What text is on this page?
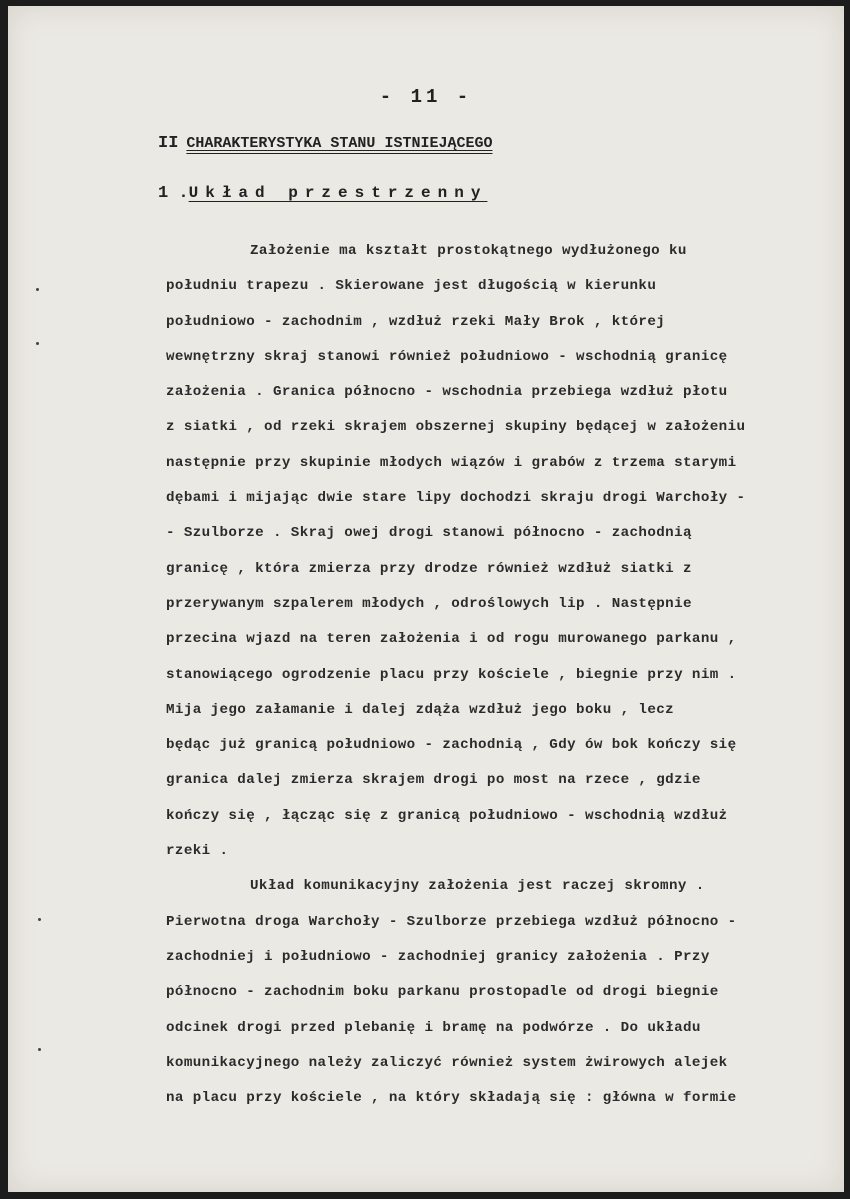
- 11 -
II CHARAKTERYSTYKA STANU ISTNIEJĄCEGO
1 .Układ przestrzenny
Założenie ma kształt prostokątnego wydłużonego ku
południu trapezu . Skierowane jest długością w kierunku
południowo - zachodnim , wzdłuż rzeki Mały Brok , której
wewnętrzny skraj stanowi również południowo - wschodnią granicę
założenia . Granica północno - wschodnia przebiega wzdłuż płotu
z siatki , od rzeki skrajem obszernej skupiny będącej w założeniu
następnie przy skupinie młodych wiązów i grabów z trzema starymi
dębami i mijając dwie stare lipy dochodzi skraju drogi Warchoły -
- Szulborze . Skraj owej drogi stanowi północno - zachodnią
granicę , która zmierza przy drodze również wzdłuż siatki z
przerywanym szpalerem młodych , odroślowych lip . Następnie
przecina wjazd na teren założenia i od rogu murowanego parkanu ,
stanowiącego ogrodzenie placu przy kościele , biegnie przy nim .
Mija jego załamanie i dalej zdąża wzdłuż jego boku , lecz
będąc już granicą południowo - zachodnią , Gdy ów bok kończy się
granica dalej zmierza skrajem drogi po most na rzece , gdzie
kończy się , łącząc się z granicą południowo - wschodnią wzdłuż
rzeki .
Układ komunikacyjny założenia jest raczej skromny .
Pierwotna droga Warchoły - Szulborze przebiega wzdłuż północno -
zachodniej i południowo - zachodniej granicy założenia . Przy
północno - zachodnim boku parkanu prostopadle od drogi biegnie
odcinek drogi przed plebanię i bramę na podwórze . Do układu
komunikacyjnego należy zaliczyć również system żwirowych alejek
na placu przy kościele , na który składają się : główna w formie
